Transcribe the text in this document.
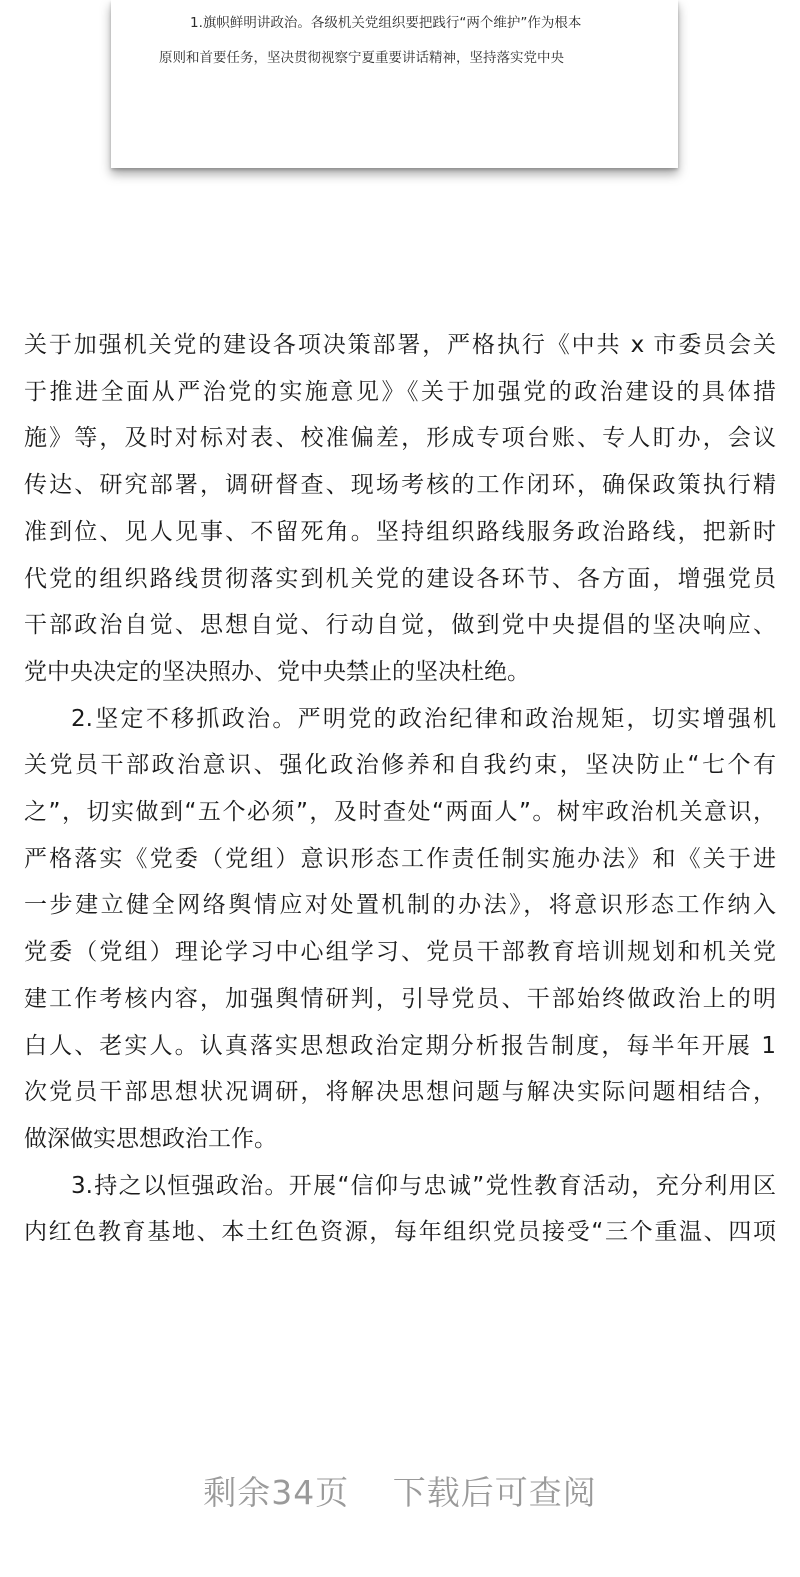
1.旗帜鲜明讲政治。各级机关党组织要把践行“两个维护”作为根本

原则和首要任务，坚决贯彻视察宁夏重要讲话精神，坚持落实党中央

关于加强机关党的建设各项决策部署，严格执行《中共 x 市委员会关
于推进全面从严治党的实施意见》《关于加强党的政治建设的具体措
施》等，及时对标对表、校准偏差，形成专项台账、专人盯办，会议
传达、研究部署，调研督查、现场考核的工作闭环，确保政策执行精
准到位、见人见事、不留死角。坚持组织路线服务政治路线，把新时
代党的组织路线贯彻落实到机关党的建设各环节、各方面，增强党员
干部政治自觉、思想自觉、行动自觉，做到党中央提倡的坚决响应、
党中央决定的坚决照办、党中央禁止的坚决杜绝。

2.坚定不移抓政治。严明党的政治纪律和政治规矩，切实增强机
关党员干部政治意识、强化政治修养和自我约束，坚决防止“七个有
之”，切实做到“五个必须”，及时查处“两面人”。树牢政治机关意识，
严格落实《党委（党组）意识形态工作责任制实施办法》和《关于进
一步建立健全网络舆情应对处置机制的办法》，将意识形态工作纳入
党委（党组）理论学习中心组学习、党员干部教育培训规划和机关党
建工作考核内容，加强舆情研判，引导党员、干部始终做政治上的明
白人、老实人。认真落实思想政治定期分析报告制度，每半年开展 1
次党员干部思想状况调研，将解决思想问题与解决实际问题相结合，
做深做实思想政治工作。

3.持之以恒强政治。开展“信仰与忠诚”党性教育活动，充分利用区
内红色教育基地、本土红色资源，每年组织党员接受“三个重温、四项

剩余34页 下载后可查阅
